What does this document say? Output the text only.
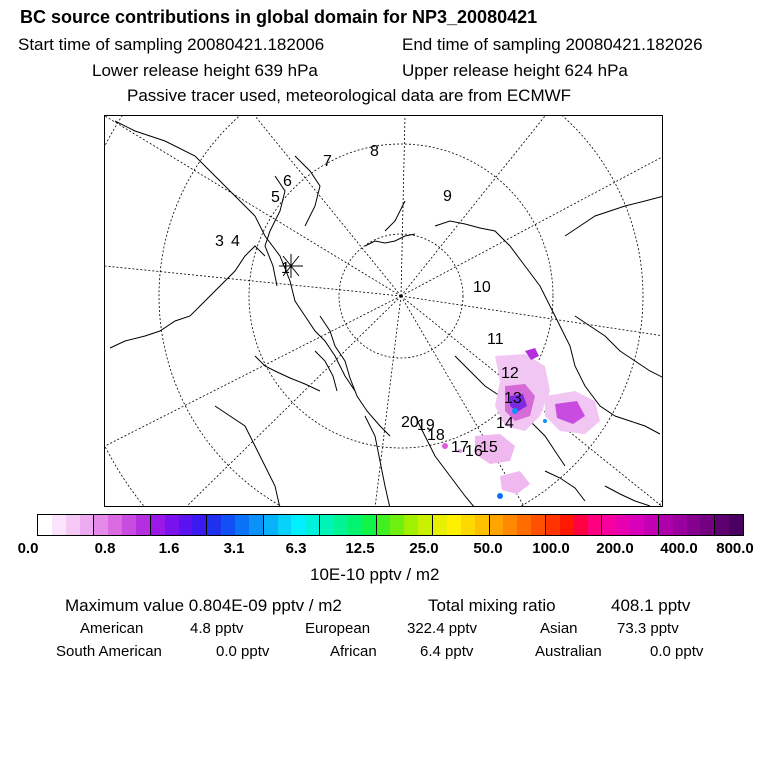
BC source contributions in global domain for NP3_20080421
Start time of sampling 20080421.182006	End time of sampling 20080421.182026
Lower release height 639 hPa	Upper release height 624 hPa
Passive tracer used, meteorological data are from ECMWF
1
3 4
5
6
7
8
9
10
11
12
13
14
15
16
17
18
19
20
0.0	0.8	1.6	3.1	6.3	12.5 25.0 50.0 100.0 200.0 400.0 800.0
10E-10 pptv / m2
Maximum value 0.804E-09 pptv / m2	Total mixing ratio	408.1 pptv
American	4.8 pptv	European 322.4 pptv	Asian	73.3 pptv
South American	0.0 pptv	African	6.4 pptv	Australian	0.0 pptv
